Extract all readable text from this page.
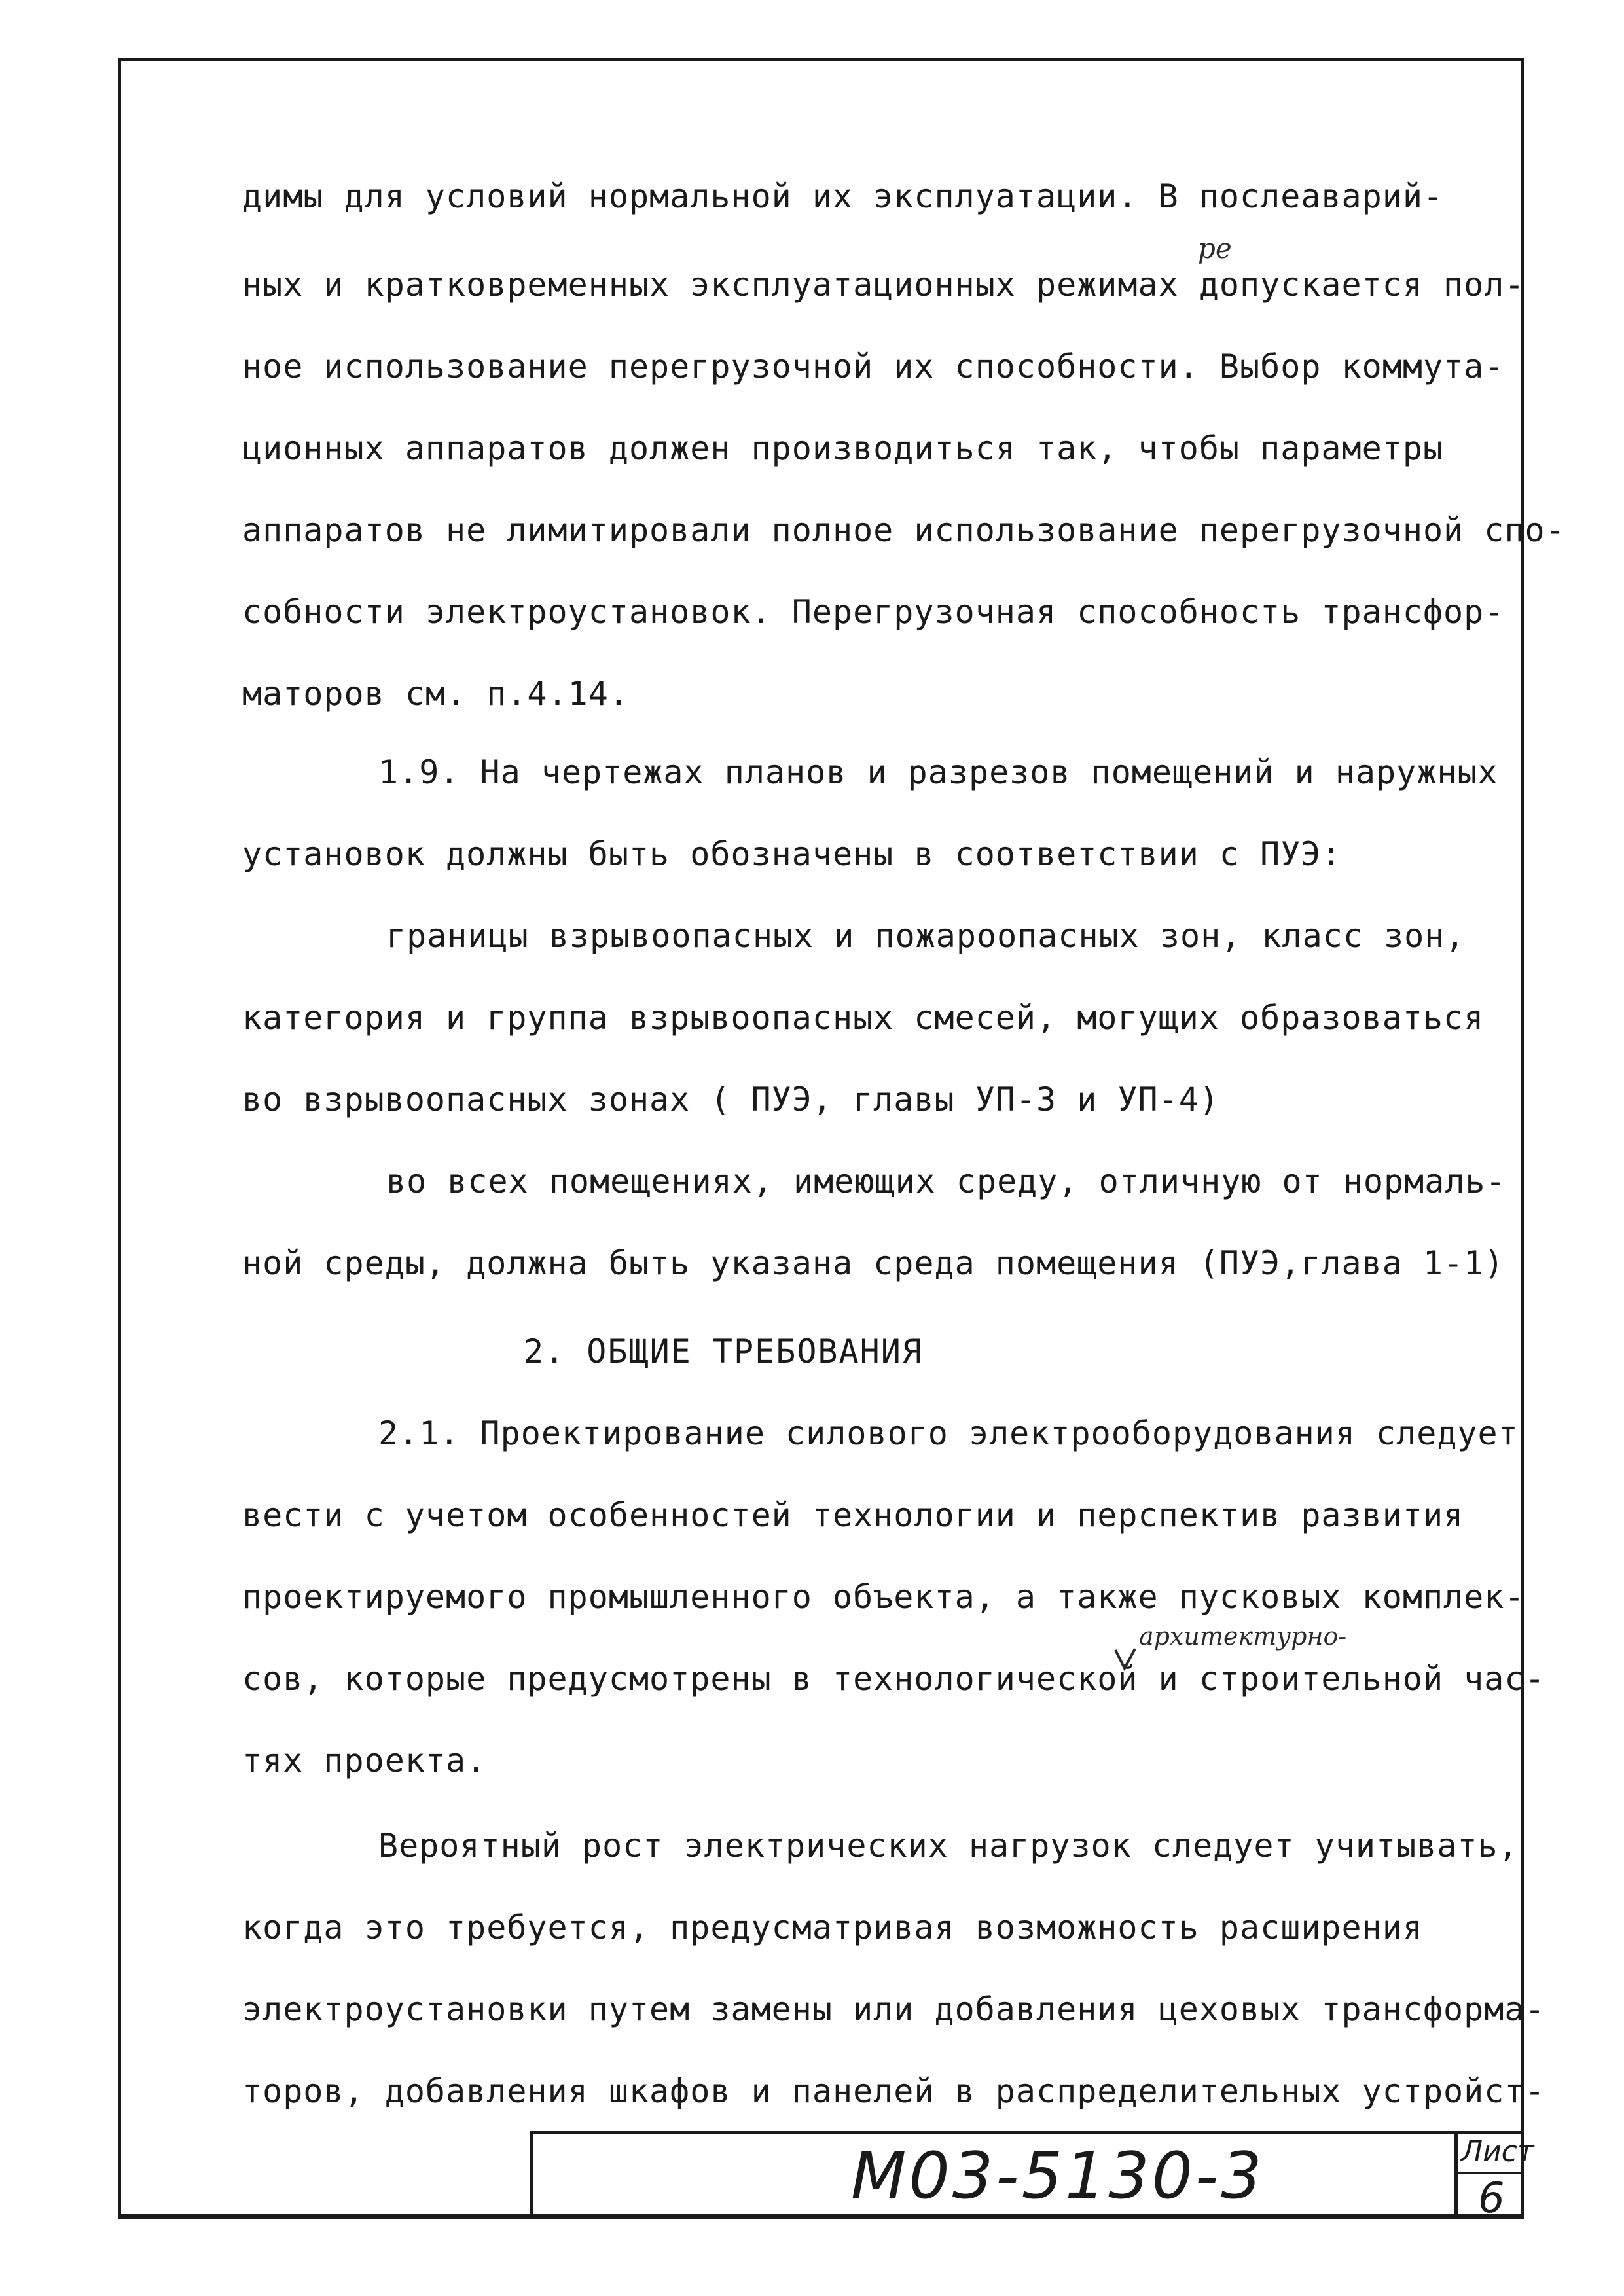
димы для условий нормальной их эксплуатации. В послеаварий-
ных и кратковременных эксплуатационных режимах допускается пол-
ное использование перегрузочной их способности. Выбор коммута-
ционных аппаратов должен производиться так, чтобы параметры
аппаратов не лимитировали полное использование перегрузочной спо-
собности электроустановок. Перегрузочная способность трансфор-
маторов см. п.4.14.
1.9. На чертежах планов и разрезов помещений и наружных
установок должны быть обозначены в соответствии с ПУЭ:
границы взрывоопасных и пожароопасных зон, класс зон,
категория и группа взрывоопасных смесей, могущих образоваться
во взрывоопасных зонах ( ПУЭ, главы УП-3 и УП-4)
во всех помещениях, имеющих среду, отличную от нормаль-
ной среды, должна быть указана среда помещения (ПУЭ,глава 1-1)
2. ОБЩИЕ ТРЕБОВАНИЯ
2.1. Проектирование силового электрооборудования следует
вести с учетом особенностей технологии и перспектив развития
проектируемого промышленного объекта, а также пусковых комплек-
сов, которые предусмотрены в технологической и строительной час-
тях проекта.
Вероятный рост электрических нагрузок следует учитывать,
когда это требуется, предусматривая возможность расширения
электроустановки путем замены или добавления цеховых трансформа-
торов, добавления шкафов и панелей в распределительных устройст-
ре
архитектурно-
М03-5130-3	Лист
6
